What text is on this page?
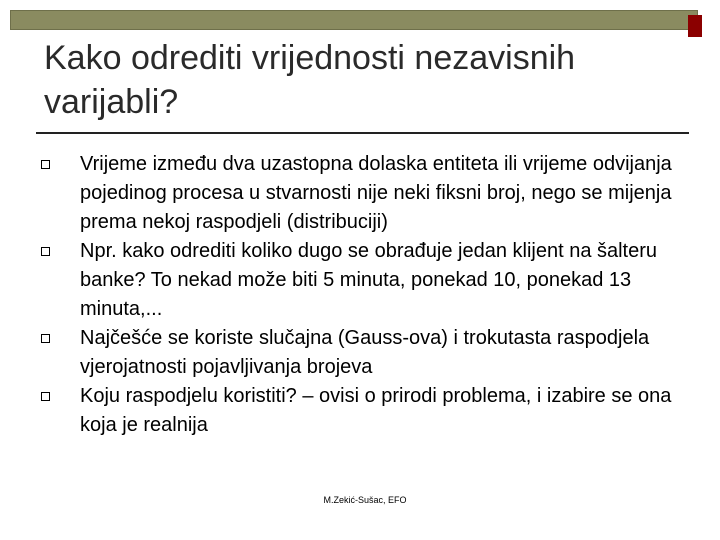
Kako odrediti vrijednosti nezavisnih varijabli?
Vrijeme između dva uzastopna dolaska entiteta ili vrijeme odvijanja pojedinog procesa u stvarnosti nije neki fiksni broj, nego se mijenja prema nekoj raspodjeli (distribuciji)
Npr. kako odrediti koliko dugo se obrađuje jedan klijent na šalteru banke? To nekad može biti 5 minuta, ponekad 10, ponekad 13 minuta,...
Najčešće se koriste slučajna (Gauss-ova) i trokutasta raspodjela vjerojatnosti pojavljivanja brojeva
Koju raspodjelu koristiti? – ovisi o prirodi problema, i izabire se ona koja je realnija
M.Zekić-Sušac, EFO
